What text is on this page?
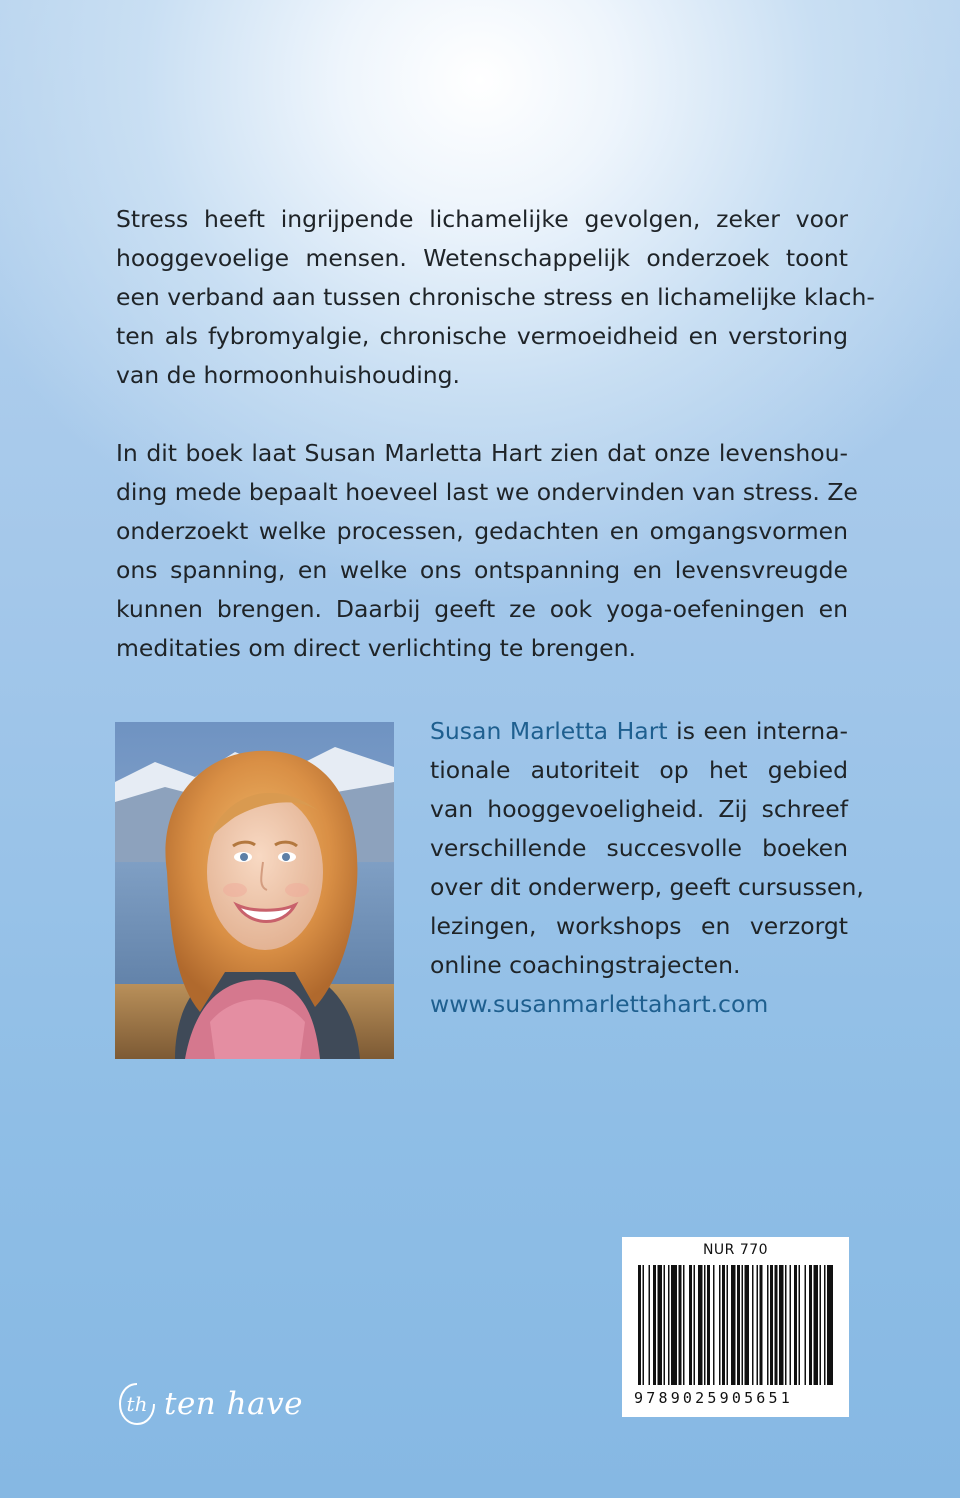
Stress heeft ingrijpende lichamelijke gevolgen, zeker voor
hooggevoelige mensen. Wetenschappelijk onderzoek toont
een verband aan tussen chronische stress en lichamelijke klach-
ten als fybromyalgie, chronische vermoeidheid en verstoring
van de hormoonhuishouding.
In dit boek laat Susan Marletta Hart zien dat onze levenshou-
ding mede bepaalt hoeveel last we ondervinden van stress. Ze
onderzoekt welke processen, gedachten en omgangsvormen
ons spanning, en welke ons ontspanning en levensvreugde
kunnen brengen. Daarbij geeft ze ook yoga-oefeningen en
meditaties om direct verlichting te brengen.

Susan Marletta Hart is een interna-
tionale autoriteit op het gebied
van hooggevoeligheid. Zij schreef
verschillende succesvolle boeken
over dit onderwerp, geeft cursussen,
lezingen, workshops en verzorgt
online coachingstrajecten.

www.susanmarlettahart.com
NUR 770
9789025905651
th ten have
